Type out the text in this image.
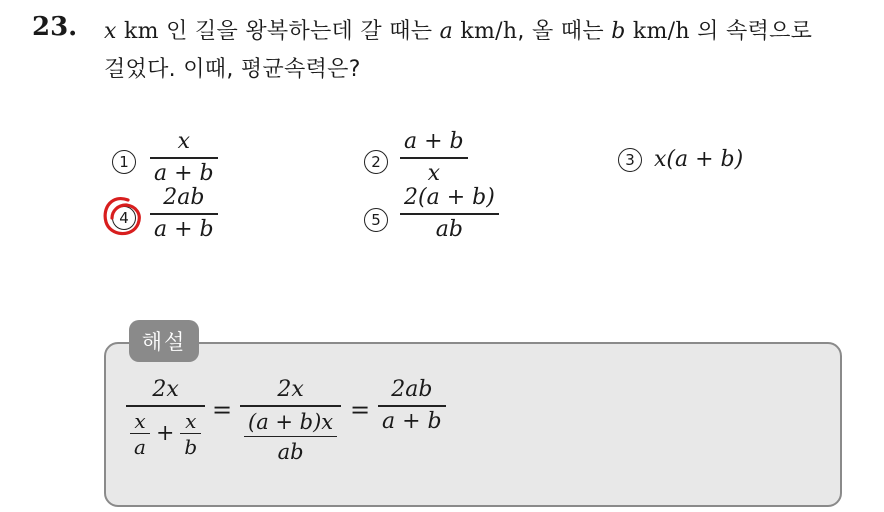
23. x km 인 길을 왕복하는데 갈 때는 a km/h, 올 때는 b km/h 의 속력으로
걸었다. 이때, 평균속력은?
1
x
a + b	2
a + b
x
3 x(a + b)
4
2ab
a + b	5
2(a + b)
ab
해설
2x
$\frac{x}{a} + \frac{x}{b}$
=
2x
(a + b)x
ab
=
2ab
a + b
